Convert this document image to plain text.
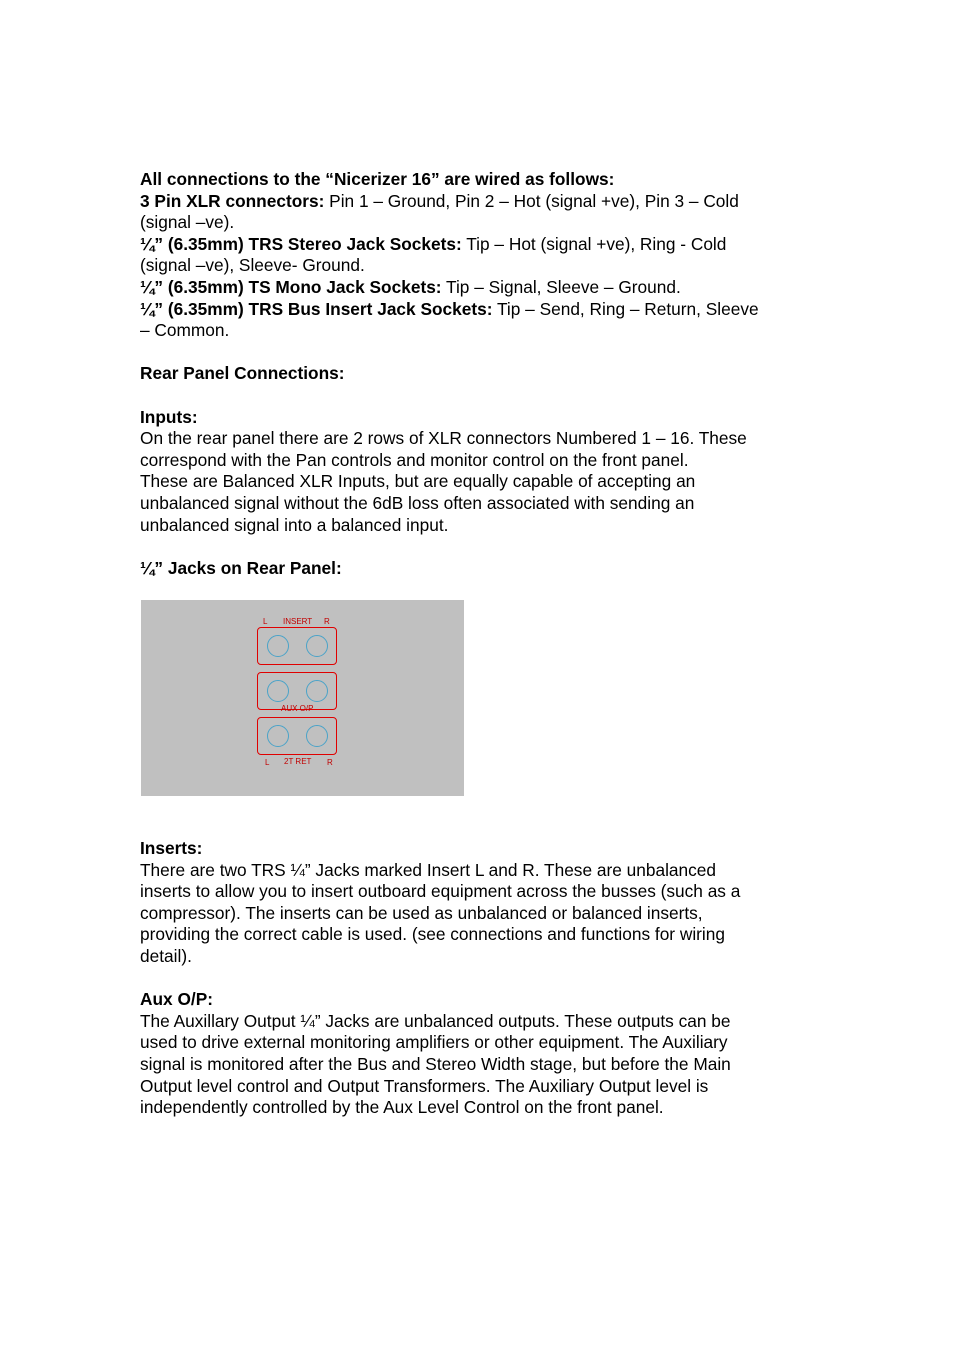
All connections to the “Nicerizer 16” are wired as follows:
3 Pin XLR connectors: Pin 1 – Ground, Pin 2 – Hot (signal +ve), Pin 3 – Cold
(signal –ve).
¼” (6.35mm) TRS Stereo Jack Sockets: Tip – Hot (signal +ve), Ring - Cold
(signal –ve), Sleeve- Ground.
¼” (6.35mm) TS Mono Jack Sockets: Tip – Signal, Sleeve – Ground.
¼” (6.35mm) TRS Bus Insert Jack Sockets: Tip – Send, Ring – Return, Sleeve
– Common.
Rear Panel Connections:
Inputs:
On the rear panel there are 2 rows of XLR connectors Numbered 1 – 16. These
correspond with the Pan controls and monitor control on the front panel.
These are Balanced XLR Inputs, but are equally capable of accepting an
unbalanced signal without the 6dB loss often associated with sending an
unbalanced signal into a balanced input.
¼” Jacks on Rear Panel:
L INSERT R
AUX O/P
L 2T RET R
Inserts:
There are two TRS ¼” Jacks marked Insert L and R. These are unbalanced
inserts to allow you to insert outboard equipment across the busses (such as a
compressor). The inserts can be used as unbalanced or balanced inserts,
providing the correct cable is used. (see connections and functions for wiring
detail).
Aux O/P:
The Auxillary Output ¼” Jacks are unbalanced outputs. These outputs can be
used to drive external monitoring amplifiers or other equipment. The Auxiliary
signal is monitored after the Bus and Stereo Width stage, but before the Main
Output level control and Output Transformers. The Auxiliary Output level is
independently controlled by the Aux Level Control on the front panel.
